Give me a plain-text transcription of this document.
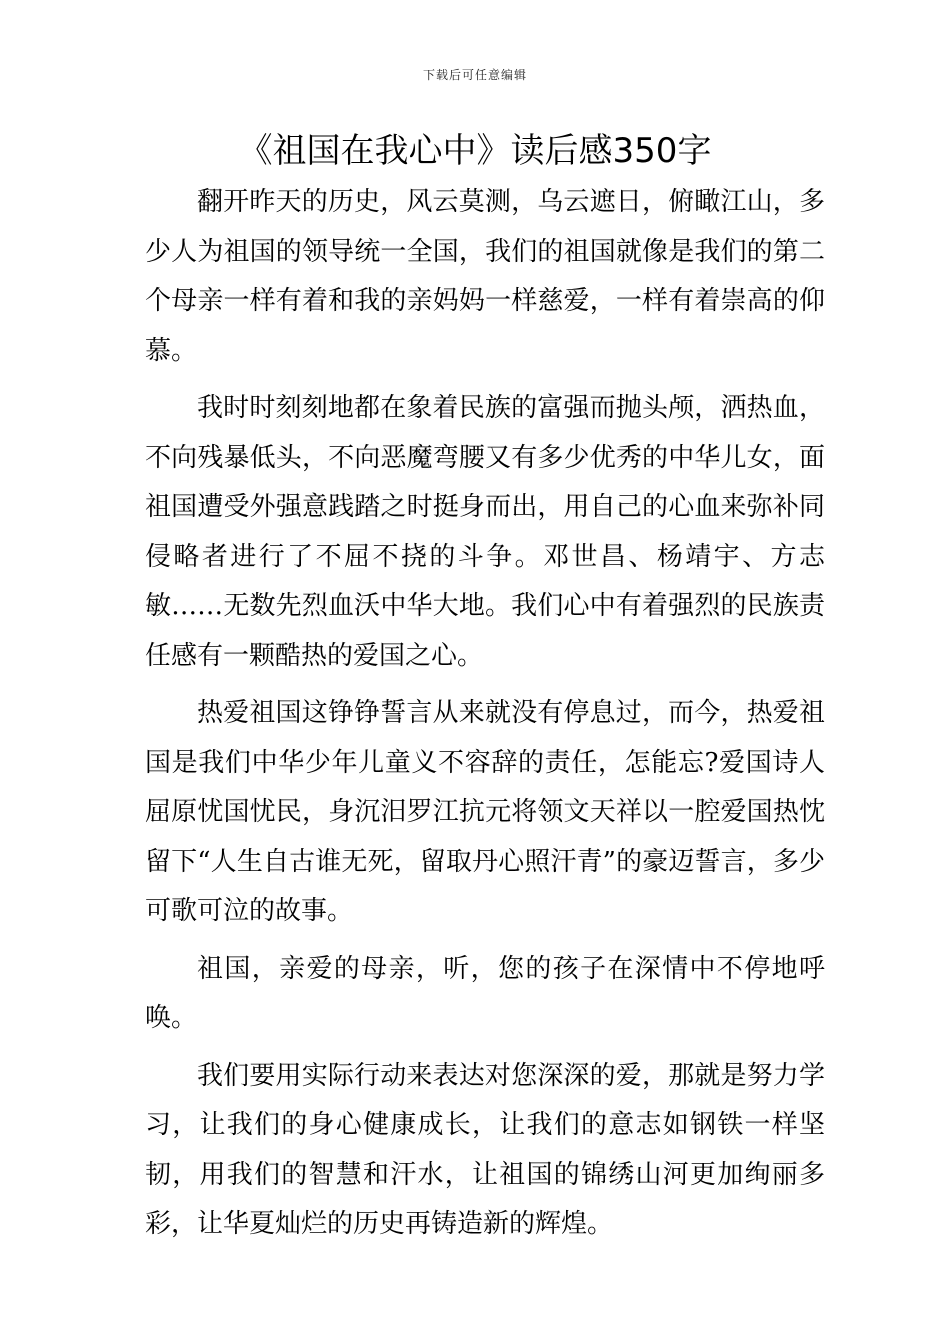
下载后可任意编辑
《祖国在我心中》读后感350字

翻开昨天的历史，风云莫测，乌云遮日，俯瞰江山，多少人为祖国的领导统一全国，我们的祖国就像是我们的第二个母亲一样有着和我的亲妈妈一样慈爱，一样有着崇高的仰慕。

我时时刻刻地都在象着民族的富强而抛头颅，洒热血，不向残暴低头，不向恶魔弯腰又有多少优秀的中华儿女，面祖国遭受外强意践踏之时挺身而出，用自己的心血来弥补同侵略者进行了不屈不挠的斗争。邓世昌、杨靖宇、方志敏……无数先烈血沃中华大地。我们心中有着强烈的民族责任感有一颗酷热的爱国之心。

热爱祖国这铮铮誓言从来就没有停息过，而今，热爱祖国是我们中华少年儿童义不容辞的责任，怎能忘?爱国诗人屈原忧国忧民，身沉汨罗江抗元将领文天祥以一腔爱国热忱留下“人生自古谁无死，留取丹心照汗青”的豪迈誓言，多少可歌可泣的故事。

祖国，亲爱的母亲，听，您的孩子在深情中不停地呼唤。

我们要用实际行动来表达对您深深的爱，那就是努力学习，让我们的身心健康成长，让我们的意志如钢铁一样坚韧，用我们的智慧和汗水，让祖国的锦绣山河更加绚丽多彩，让华夏灿烂的历史再铸造新的辉煌。
